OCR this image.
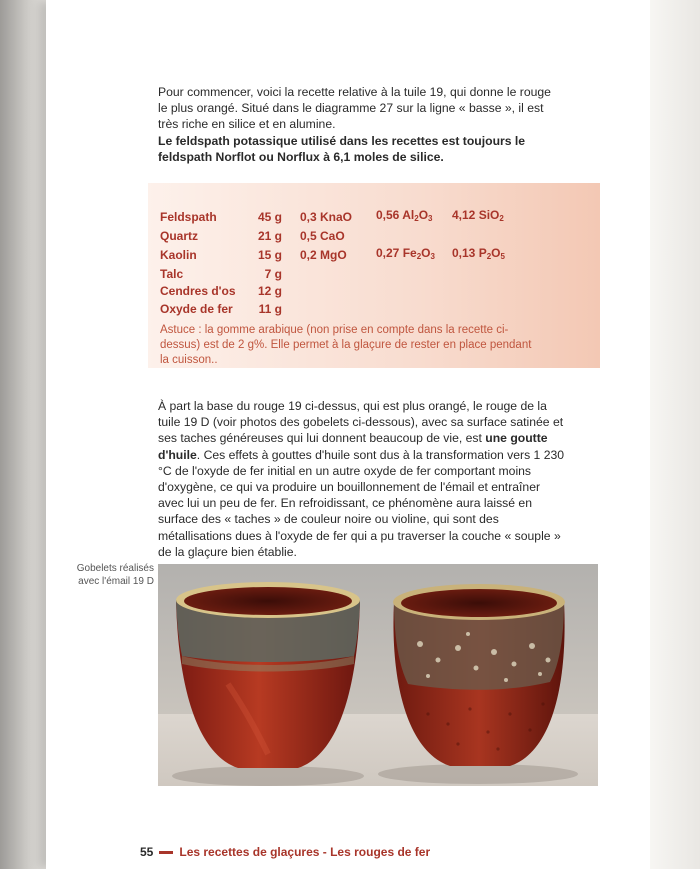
Pour commencer, voici la recette relative à la tuile 19, qui donne le rouge le plus orangé. Situé dans le diagramme 27 sur la ligne « basse », il est très riche en silice et en alumine.

Le feldspath potassique utilisé dans les recettes est toujours le feldspath Norflot ou Norflux à 6,1 moles de silice.

Feldspath	45 g	0,3 KnaO	0,56 $Al_2O_3$	4,12 SiO$_2$
Quartz	21 g	0,5 CaO		
Kaolin	15 g	0,2 MgO	0,27 $Fe_2O_3$	0,13 $P_2O_5$
Talc	7 g			
Cendres d'os	12 g			
Oxyde de fer	11 g			
Astuce : la gomme arabique (non prise en compte dans la recette ci-dessus) est de 2 g%. Elle permet à la glaçure de rester en place pendant la cuisson..
À part la base du rouge 19 ci-dessus, qui est plus orangé, le rouge de la tuile 19 D (voir photos des gobelets ci-dessous), avec sa surface satinée et ses taches généreuses qui lui donnent beaucoup de vie, est une goutte d'huile. Ces effets à gouttes d'huile sont dus à la transformation vers 1 230 °C de l'oxyde de fer initial en un autre oxyde de fer comportant moins d'oxygène, ce qui va produire un bouillonnement de l'émail et entraîner avec lui un peu de fer. En refroidissant, ce phénomène aura laissé en surface des « taches » de couleur noire ou violine, qui sont des métallisations dues à l'oxyde de fer qui a pu traverser la couche « souple » de la glaçure bien établie.
Gobelets réalisés
avec l'émail 19 D
55 Les recettes de glaçures - Les rouges de fer
